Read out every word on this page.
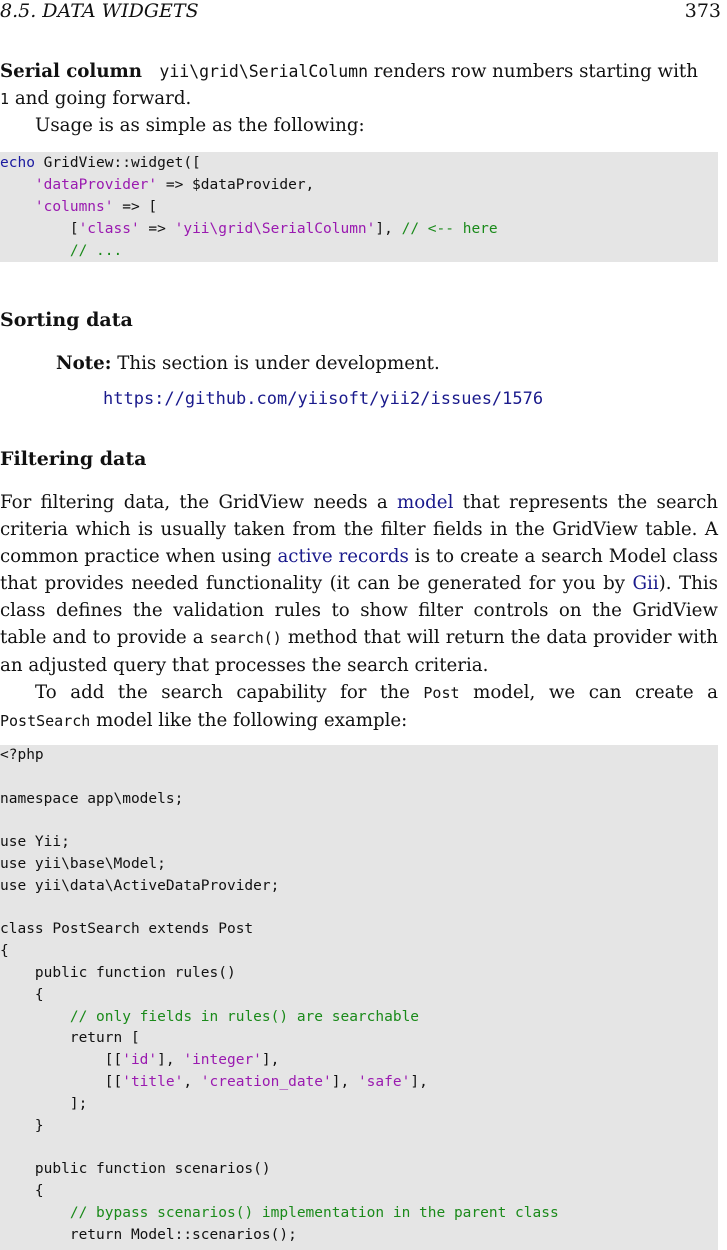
8.5. DATA WIDGETS	373
Serial column yii\grid\SerialColumn renders row numbers starting with
1 and going forward.
Usage is as simple as the following:
echo GridView::widget([
'dataProvider' => $dataProvider,
'columns' => [
['class' => 'yii\grid\SerialColumn'], // <-- here
// ...
Sorting data
Note: This section is under development.
https://github.com/yiisoft/yii2/issues/1576
Filtering data
For filtering data, the GridView needs a model that represents the search criteria which is usually taken from the filter fields in the GridView table. A common practice when using active records is to create a search Model class that provides needed functionality (it can be generated for you by Gii). This class defines the validation rules to show filter controls on the GridView table and to provide a search() method that will return the data provider with an adjusted query that processes the search criteria.
To add the search capability for the Post model, we can create a PostSearch model like the following example:
<?php

namespace app\models;

use Yii;
use yii\base\Model;
use yii\data\ActiveDataProvider;

class PostSearch extends Post
{
public function rules()
{
// only fields in rules() are searchable
return [
[['id'], 'integer'],
[['title', 'creation_date'], 'safe'],
];
}

public function scenarios()
{
// bypass scenarios() implementation in the parent class
return Model::scenarios();
